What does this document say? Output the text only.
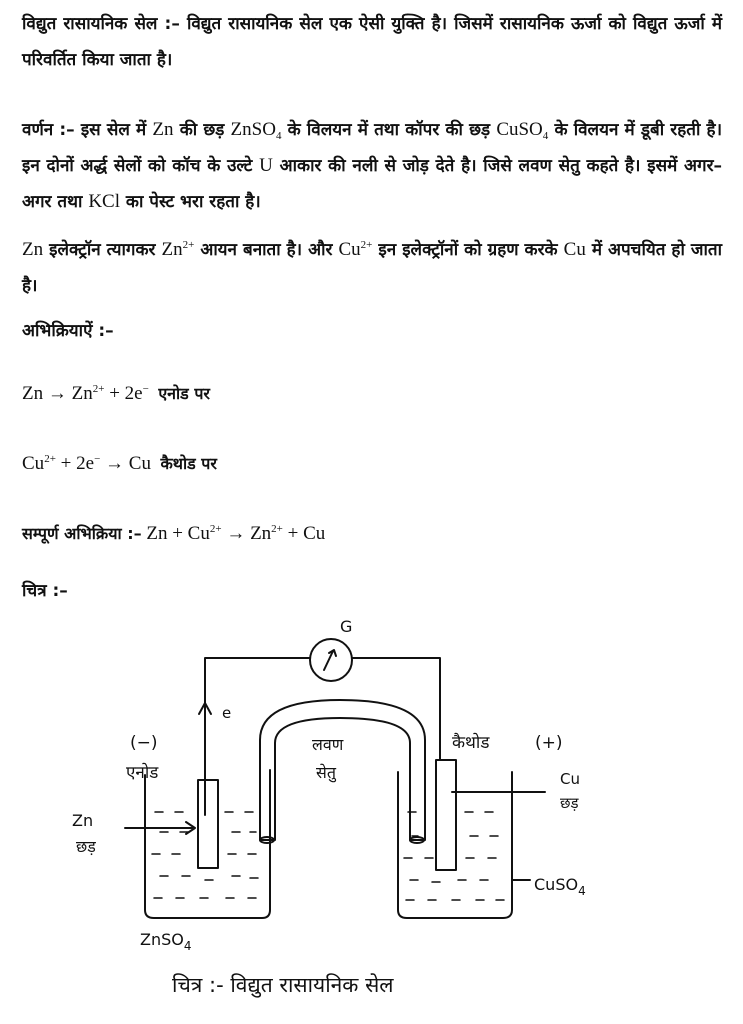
विद्युत रासायनिक सेल :– विद्युत रासायनिक सेल एक ऐसी युक्ति है। जिसमें रासायनिक ऊर्जा को विद्युत ऊर्जा में परिवर्तित किया जाता है।

वर्णन :– इस सेल में Zn की छड़ ZnSO$_4$ के विलयन में तथा कॉपर की छड़ CuSO$_4$ के विलयन में डूबी रहती है। इन दोनों अर्द्ध सेलों को कॉच के उल्टे U आकार की नली से जोड़ देते है। जिसे लवण सेतु कहते है। इसमें अगर–अगर तथा KCl का पेस्ट भरा रहता है।

Zn इलेक्ट्रॉन त्यागकर $Zn^{2+}$ आयन बनाता है। और $Cu^{2+}$ इन इलेक्ट्रॉनों को ग्रहण करके Cu में अपचयित हो जाता है।

अभिक्रियाऐं :–
$Zn \to Zn^{2+} + 2e^-$ एनोड पर
$Cu^{2+} + 2e^- \to Cu$ कैथोड पर
सम्पूर्ण अभिक्रिया :– $Zn + Cu^{2+} \to Zn^{2+} + Cu$
चित्र :–
G
e
(−)
एनोड
लवण
सेतु
कैथोड	(+)
Zn
छड़
Cu
छड़
CuSO$_4$
ZnSO$_4$
चित्र :- विद्युत रासायनिक सेल
